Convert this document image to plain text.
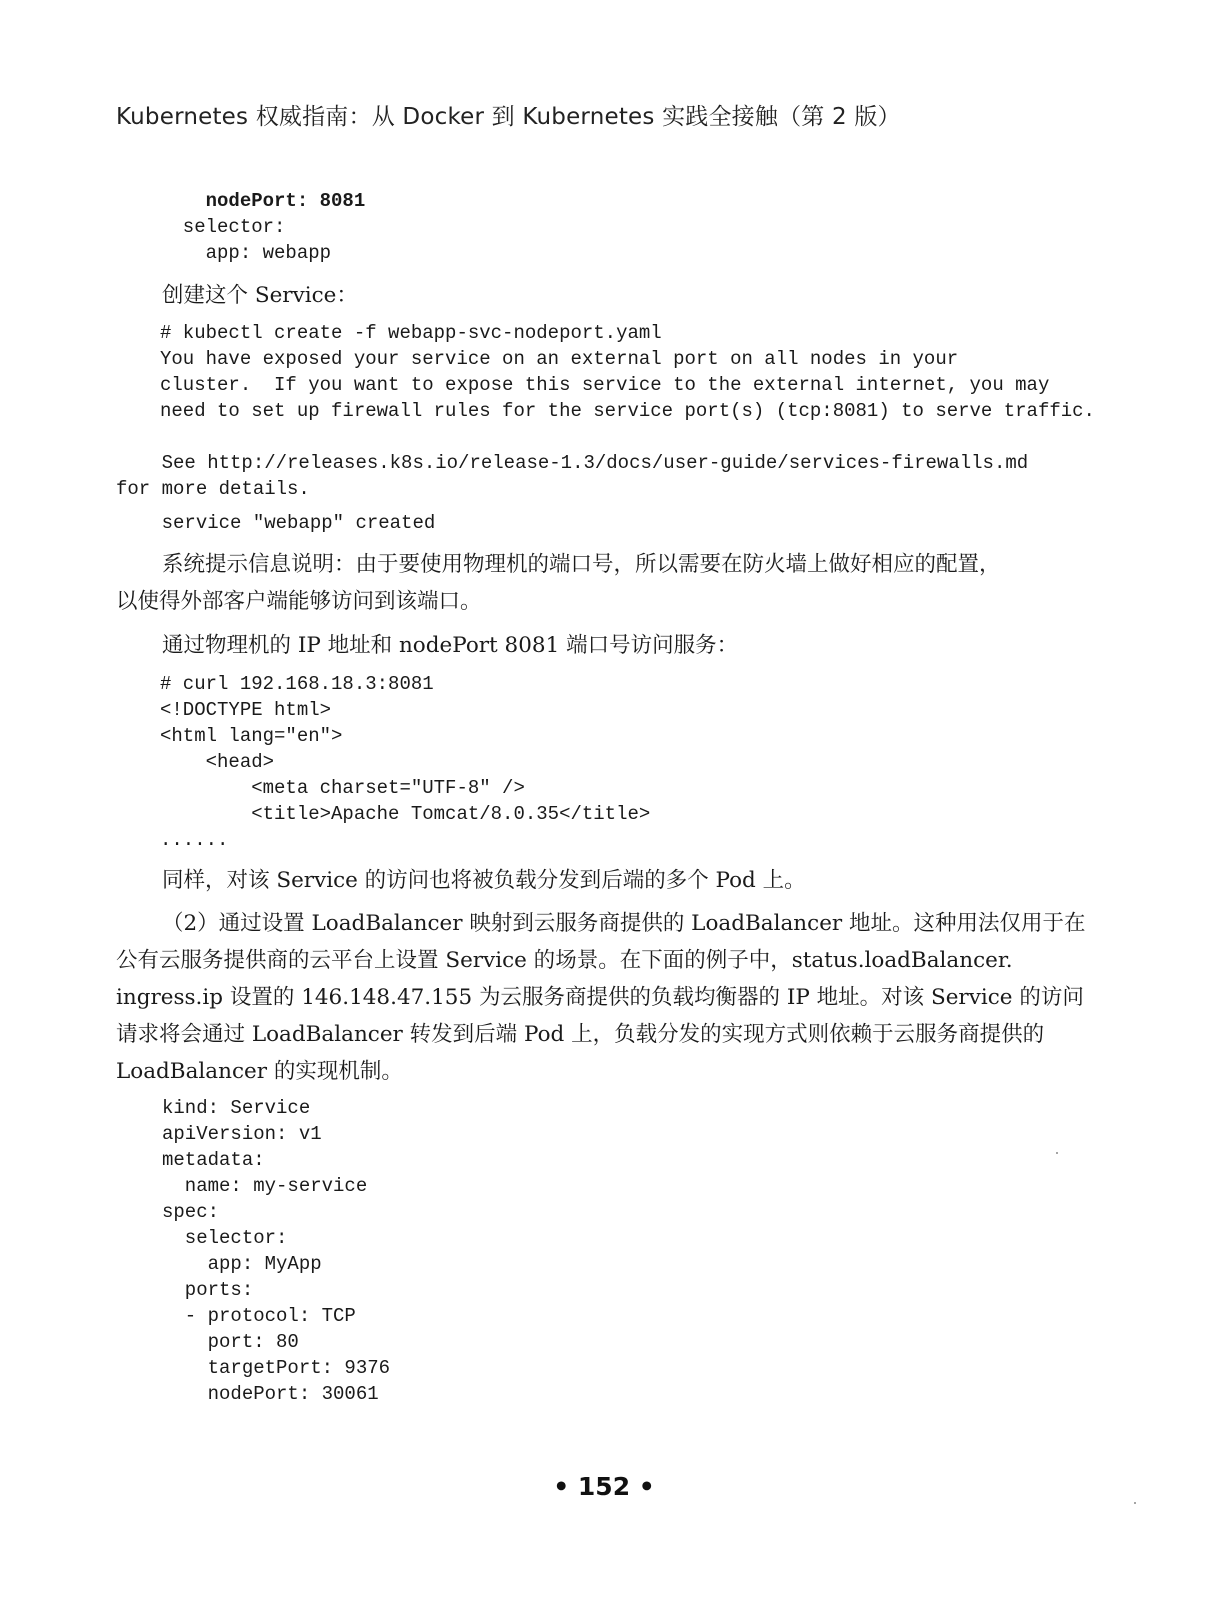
Kubernetes 权威指南：从 Docker 到 Kubernetes 实践全接触（第 2 版）
nodePort: 8081
selector:
app: webapp
创建这个 Service：
# kubectl create -f webapp-svc-nodeport.yaml
You have exposed your service on an external port on all nodes in your
cluster.  If you want to expose this service to the external internet, you may
need to set up firewall rules for the service port(s) (tcp:8081) to serve traffic.
See http://releases.k8s.io/release-1.3/docs/user-guide/services-firewalls.md
for more details.
service "webapp" created
系统提示信息说明：由于要使用物理机的端口号，所以需要在防火墙上做好相应的配置，
以使得外部客户端能够访问到该端口。
通过物理机的 IP 地址和 nodePort 8081 端口号访问服务：
# curl 192.168.18.3:8081
<!DOCTYPE html>
<html lang="en">
<head>
<meta charset="UTF-8" />
<title>Apache Tomcat/8.0.35</title>
......
同样，对该 Service 的访问也将被负载分发到后端的多个 Pod 上。
（2）通过设置 LoadBalancer 映射到云服务商提供的 LoadBalancer 地址。这种用法仅用于在
公有云服务提供商的云平台上设置 Service 的场景。在下面的例子中，status.loadBalancer.
ingress.ip 设置的 146.148.47.155 为云服务商提供的负载均衡器的 IP 地址。对该 Service 的访问
请求将会通过 LoadBalancer 转发到后端 Pod 上，负载分发的实现方式则依赖于云服务商提供的
LoadBalancer 的实现机制。
kind: Service
apiVersion: v1
metadata:
name: my-service
spec:
selector:
app: MyApp
ports:
- protocol: TCP
port: 80
targetPort: 9376
nodePort: 30061
• 152 •
